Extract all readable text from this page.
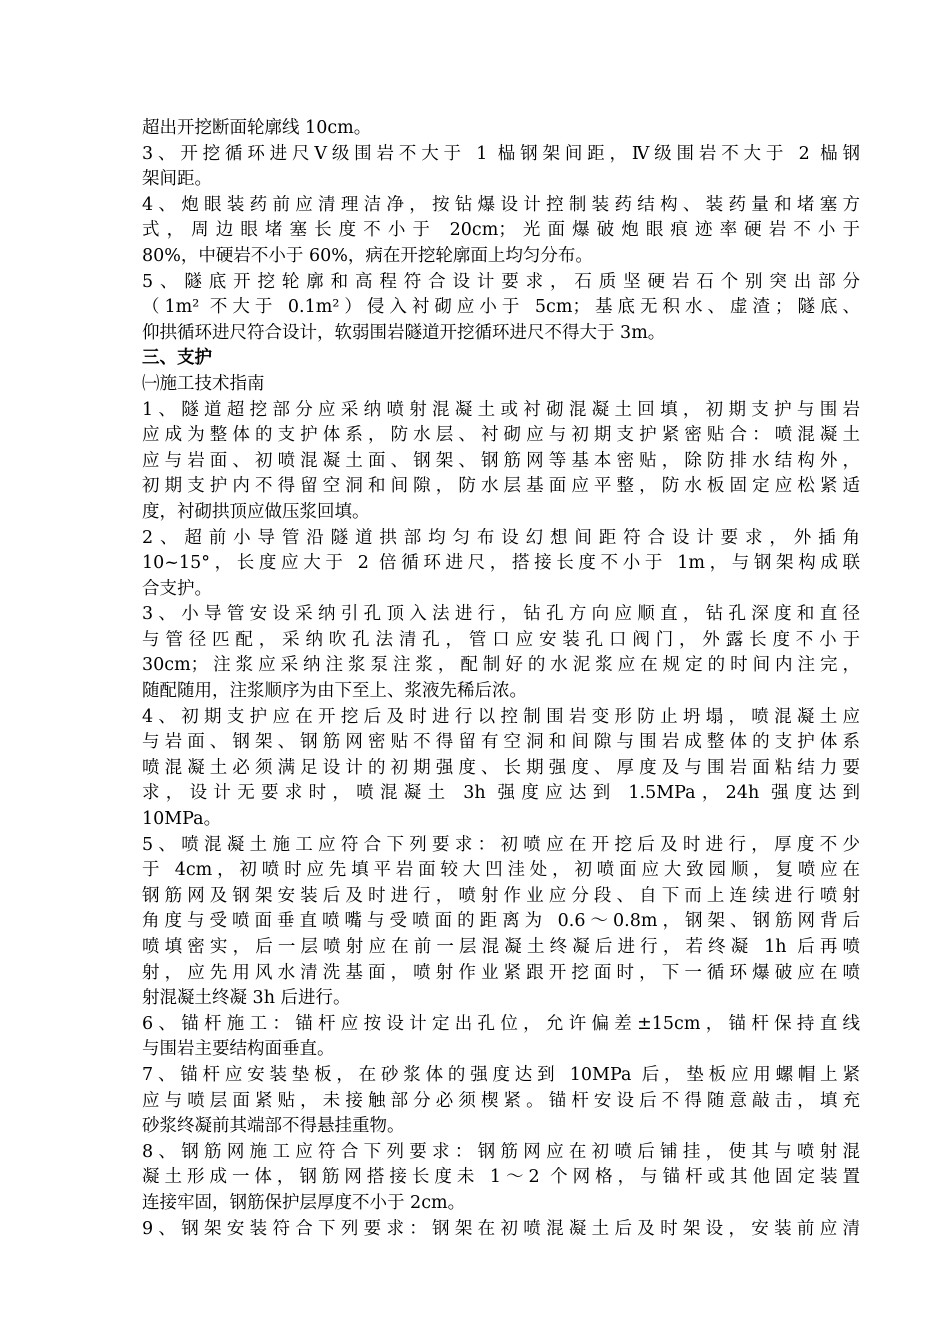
超出开挖断面轮廓线 10cm。
3、开挖循环进尺Ⅴ级围岩不大于 1 榀钢架间距，Ⅳ级围岩不大于 2 榀钢
架间距。
4、炮眼装药前应清理洁净，按钻爆设计控制装药结构、装药量和堵塞方
式，周边眼堵塞长度不小于 20cm；光面爆破炮眼痕迹率硬岩不小于
80%，中硬岩不小于 60%，病在开挖轮廓面上均匀分布。
5、隧底开挖轮廓和高程符合设计要求，石质坚硬岩石个别突出部分
（1m² 不大于 0.1m²）侵入衬砌应小于 5cm；基底无积水、虚渣；隧底、
仰拱循环进尺符合设计，软弱围岩隧道开挖循环进尺不得大于 3m。
三、支护
㈠施工技术指南
1、隧道超挖部分应采纳喷射混凝土或衬砌混凝土回填，初期支护与围岩
应成为整体的支护体系，防水层、衬砌应与初期支护紧密贴合：喷混凝土
应与岩面、初喷混凝土面、钢架、钢筋网等基本密贴，除防排水结构外，
初期支护内不得留空洞和间隙，防水层基面应平整，防水板固定应松紧适
度，衬砌拱顶应做压浆回填。
2、超前小导管沿隧道拱部均匀布设幻想间距符合设计要求，外插角
10~15°，长度应大于 2 倍循环进尺，搭接长度不小于 1m，与钢架构成联
合支护。
3、小导管安设采纳引孔顶入法进行，钻孔方向应顺直，钻孔深度和直径
与管径匹配，采纳吹孔法清孔，管口应安装孔口阀门，外露长度不小于
30cm；注浆应采纳注浆泵注浆，配制好的水泥浆应在规定的时间内注完，
随配随用，注浆顺序为由下至上、浆液先稀后浓。
4、初期支护应在开挖后及时进行以控制围岩变形防止坍塌，喷混凝土应
与岩面、钢架、钢筋网密贴不得留有空洞和间隙与围岩成整体的支护体系
喷混凝土必须满足设计的初期强度、长期强度、厚度及与围岩面粘结力要
求，设计无要求时，喷混凝土 3h 强度应达到 1.5MPa，24h 强度达到
10MPa。
5、喷混凝土施工应符合下列要求：初喷应在开挖后及时进行，厚度不少
于 4cm，初喷时应先填平岩面较大凹洼处，初喷面应大致园顺，复喷应在
钢筋网及钢架安装后及时进行，喷射作业应分段、自下而上连续进行喷射
角度与受喷面垂直喷嘴与受喷面的距离为 0.6～0.8m，钢架、钢筋网背后
喷填密实，后一层喷射应在前一层混凝土终凝后进行，若终凝 1h 后再喷
射，应先用风水清洗基面，喷射作业紧跟开挖面时，下一循环爆破应在喷
射混凝土终凝 3h 后进行。
6、锚杆施工：锚杆应按设计定出孔位，允许偏差±15cm，锚杆保持直线
与围岩主要结构面垂直。
7、锚杆应安装垫板，在砂浆体的强度达到 10MPa 后，垫板应用螺帽上紧
应与喷层面紧贴，未接触部分必须楔紧。锚杆安设后不得随意敲击，填充
砂浆终凝前其端部不得悬挂重物。
8、钢筋网施工应符合下列要求：钢筋网应在初喷后铺挂，使其与喷射混
凝土形成一体，钢筋网搭接长度未 1～2 个网格，与锚杆或其他固定装置
连接牢固，钢筋保护层厚度不小于 2cm。
9、钢架安装符合下列要求：钢架在初喷混凝土后及时架设，安装前应清
